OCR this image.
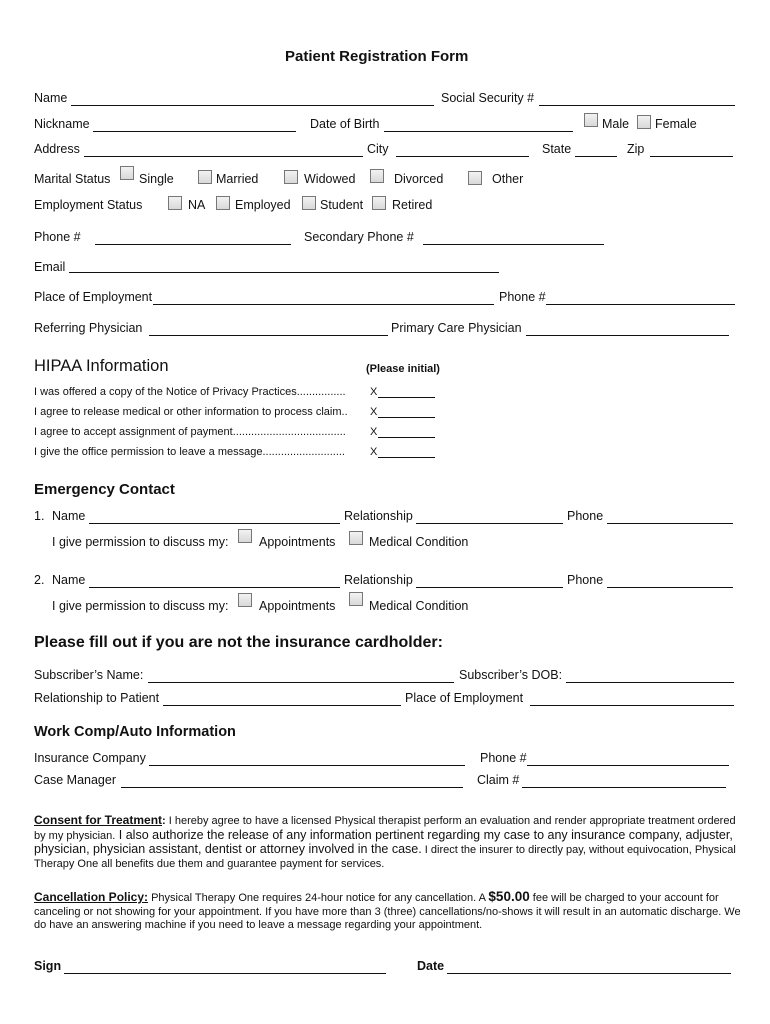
Patient Registration Form
Name	Social Security #
Nickname	Date of Birth	Male Female
Address	City	State	Zip
Marital Status Single	Married	Widowed	Divorced	Other
Employment Status	NA Employed Student Retired
Phone #	Secondary Phone #
Email
Place of Employment	Phone #
Referring Physician	Primary Care Physician
HIPAA Information	(Please initial)
I was offered a copy of the Notice of Privacy Practices................ X
I agree to release medical or other information to process claim.. X
I agree to accept assignment of payment..................................... X
I give the office permission to leave a message........................... X
Emergency Contact
1. Name	Relationship	Phone
I give permission to discuss my: Appointments	Medical Condition
2. Name	Relationship	Phone
I give permission to discuss my: Appointments	Medical Condition
Please fill out if you are not the insurance cardholder:
Subscriber’s Name:	Subscriber’s DOB:
Relationship to Patient	Place of Employment
Work Comp/Auto Information
Insurance Company	Phone #
Case Manager	Claim #
Consent for Treatment: I hereby agree to have a licensed Physical therapist perform an evaluation and render appropriate treatment ordered by my physician. I also authorize the release of any information pertinent regarding my case to any insurance company, adjuster, physician, physician assistant, dentist or attorney involved in the case. I direct the insurer to directly pay, without equivocation, Physical Therapy One all benefits due them and guarantee payment for services.
Cancellation Policy: Physical Therapy One requires 24-hour notice for any cancellation. A $50.00 fee will be charged to your account for canceling or not showing for your appointment. If you have more than 3 (three) cancellations/no-shows it will result in an automatic discharge. We do have an answering machine if you need to leave a message regarding your appointment.
Sign	Date
